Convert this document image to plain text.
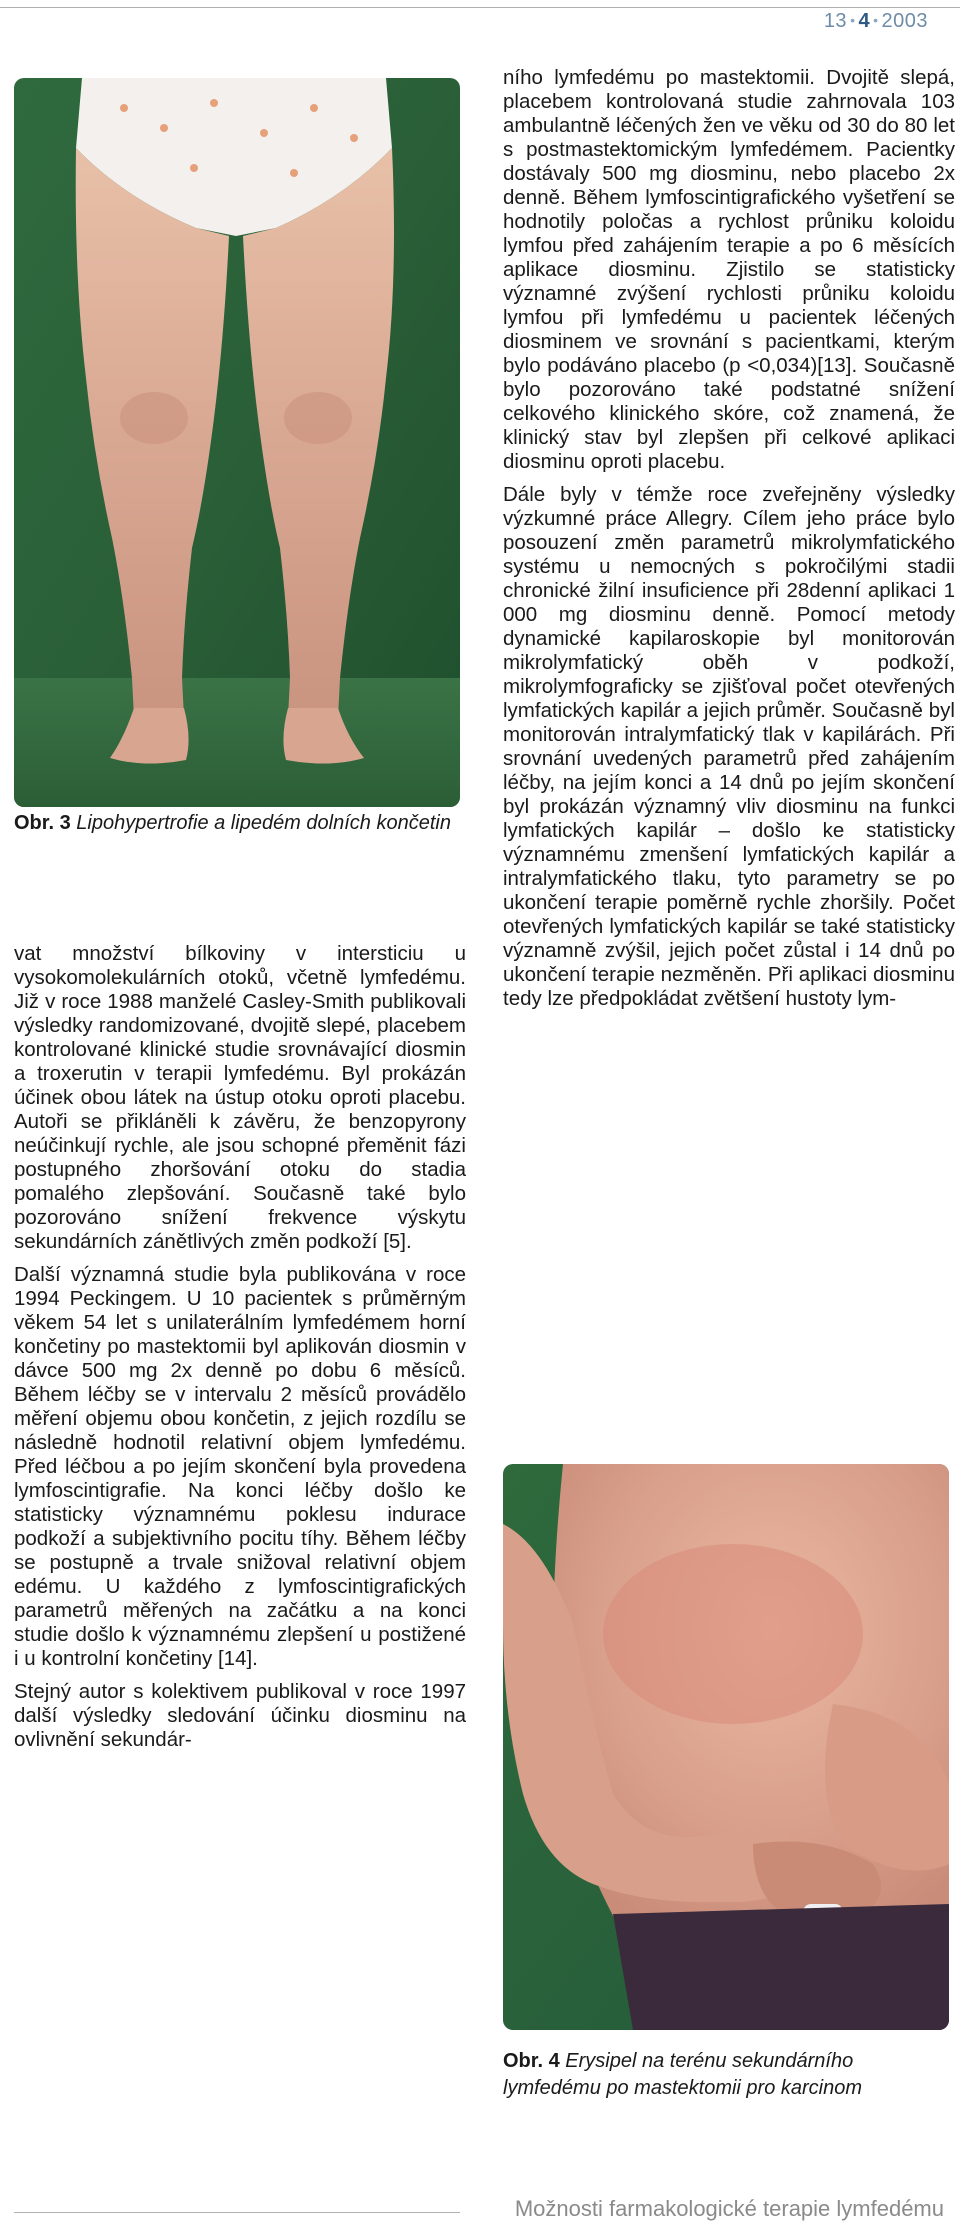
13 • 4 • 2003
Obr. 3 Lipohypertrofie a lipedém dolních končetin

vat množství bílkoviny v intersticiu u vysokomolekulárních otoků, včetně lymfedému. Již v roce 1988 manželé Casley-Smith publikovali výsledky randomizované, dvojitě slepé, placebem kontrolované klinické studie srovnávající diosmin a troxerutin v terapii lymfedému. Byl prokázán účinek obou látek na ústup otoku oproti placebu. Autoři se přikláněli k závěru, že benzopyrony neúčinkují rychle, ale jsou schopné přeměnit fázi postupného zhoršování otoku do stadia pomalého zlepšování. Současně také bylo pozorováno snížení frekvence výskytu sekundárních zánětlivých změn podkoží [5].

Další významná studie byla publikována v roce 1994 Peckingem. U 10 pacientek s průměrným věkem 54 let s unilaterálním lymfedémem horní končetiny po mastektomii byl aplikován diosmin v dávce 500 mg 2x denně po dobu 6 měsíců. Během léčby se v intervalu 2 měsíců provádělo měření objemu obou končetin, z jejich rozdílu se následně hodnotil relativní objem lymfedému. Před léčbou a po jejím skončení byla provedena lymfoscintigrafie. Na konci léčby došlo ke statisticky významnému poklesu indurace podkoží a subjektivního pocitu tíhy. Během léčby se postupně a trvale snižoval relativní objem edému. U každého z lymfoscintigrafických parametrů měřených na začátku a na konci studie došlo k významnému zlepšení u postižené i u kontrolní končetiny [14].

Stejný autor s kolektivem publikoval v roce 1997 další výsledky sledování účinku diosminu na ovlivnění sekundár-

ního lymfedému po mastektomii. Dvojitě slepá, placebem kontrolovaná studie zahrnovala 103 ambulantně léčených žen ve věku od 30 do 80 let s postmastektomickým lymfedémem. Pacientky dostávaly 500 mg diosminu, nebo placebo 2x denně. Během lymfoscintigrafického vyšetření se hodnotily poločas a rychlost průniku koloidu lymfou před zahájením terapie a po 6 měsících aplikace diosminu. Zjistilo se statisticky významné zvýšení rychlosti průniku koloidu lymfou při lymfedému u pacientek léčených diosminem ve srovnání s pacientkami, kterým bylo podáváno placebo (p <0,034)[13]. Současně bylo pozorováno také podstatné snížení celkového klinického skóre, což znamená, že klinický stav byl zlepšen při celkové aplikaci diosminu oproti placebu.

Dále byly v témže roce zveřejněny výsledky výzkumné práce Allegry. Cílem jeho práce bylo posouzení změn parametrů mikrolymfatického systému u nemocných s pokročilými stadii chronické žilní insuficience při 28denní aplikaci 1 000 mg diosminu denně. Pomocí metody dynamické kapilaroskopie byl monitorován mikrolymfatický oběh v podkoží, mikrolymfograficky se zjišťoval počet otevřených lymfatických kapilár a jejich průměr. Současně byl monitorován intralymfatický tlak v kapilárách. Při srovnání uvedených parametrů před zahájením léčby, na jejím konci a 14 dnů po jejím skončení byl prokázán významný vliv diosminu na funkci lymfatických kapilár – došlo ke statisticky významnému zmenšení lymfatických kapilár a intralymfatického tlaku, tyto parametry se po ukončení terapie poměrně rychle zhoršily. Počet otevřených lymfatických kapilár se také statisticky významně zvýšil, jejich počet zůstal i 14 dnů po ukončení terapie nezměněn. Při aplikaci diosminu tedy lze předpokládat zvětšení hustoty lym-

Obr. 4 Erysipel na terénu sekundárního lymfedému po mastektomii pro karcinom
Možnosti farmakologické terapie lymfedému
